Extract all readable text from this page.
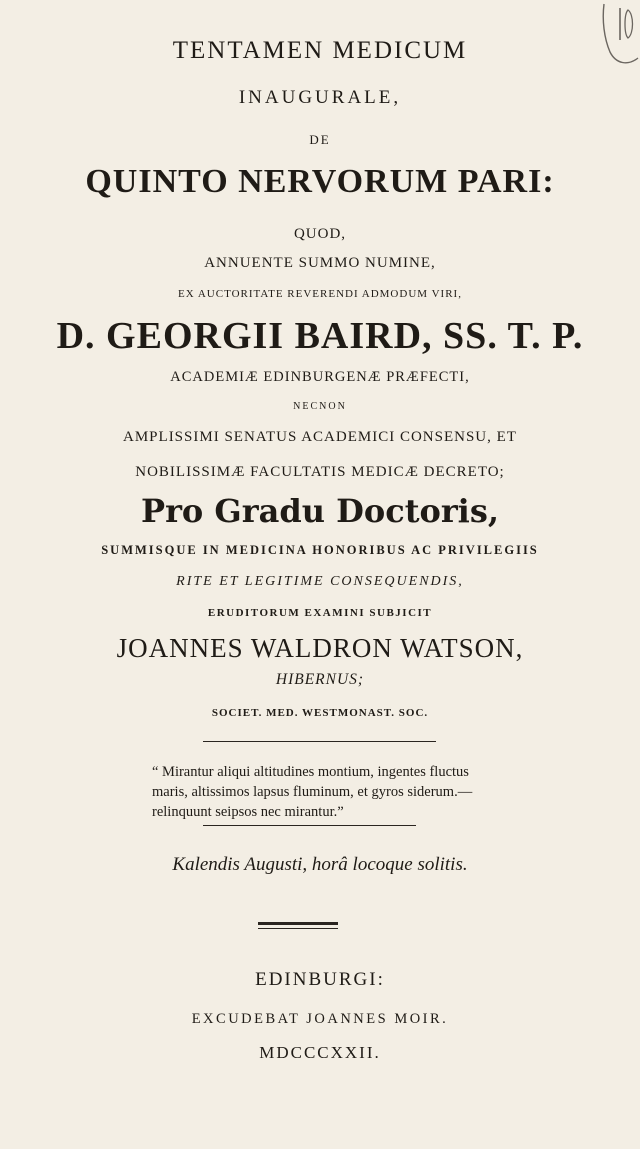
TENTAMEN MEDICUM
INAUGURALE,
DE
QUINTO NERVORUM PARI:
QUOD,
ANNUENTE SUMMO NUMINE,
EX AUCTORITATE REVERENDI ADMODUM VIRI,
D. GEORGII BAIRD, SS. T. P.
ACADEMIÆ EDINBURGENÆ PRÆFECTI,
NECNON
AMPLISSIMI SENATUS ACADEMICI CONSENSU, ET
NOBILISSIMÆ FACULTATIS MEDICÆ DECRETO;
Pro Gradu Doctoris,
SUMMISQUE IN MEDICINA HONORIBUS AC PRIVILEGIIS
RITE ET LEGITIME CONSEQUENDIS,
ERUDITORUM EXAMINI SUBJICIT
JOANNES WALDRON WATSON,
HIBERNUS;
SOCIET. MED. WESTMONAST. SOC.
“ Mirantur aliqui altitudines montium, ingentes fluctus
maris, altissimos lapsus fluminum, et gyros siderum.—
relinquunt seipsos nec mirantur.”
Kalendis Augusti, horâ locoque solitis.
EDINBURGI:
EXCUDEBAT JOANNES MOIR.
MDCCCXXII.
